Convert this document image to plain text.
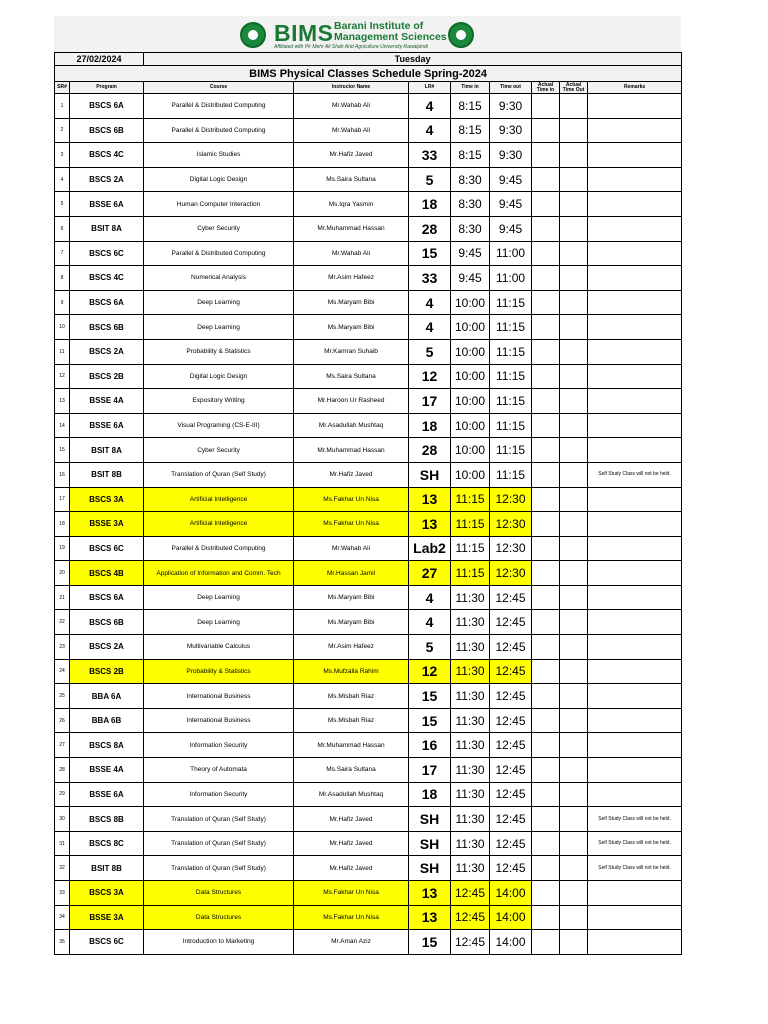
BIMS Barani Institute of
Management Sciences
Affiliated with Pir Mehr Ali Shah Arid Agriculture University Rawalpindi
27/02/2024		Tuesday							
BIMS Physical Classes Schedule Spring-2024									
SR#	Program	Course	Instructor Name	LR#	Time in	Time out	Actual Time in	Actual Time Out	Remarks
1	BSCS 6A	Parallel & Distributed Computing	Mr.Wahab Ali	4	8:15	9:30			
2	BSCS 6B	Parallel & Distributed Computing	Mr.Wahab Ali	4	8:15	9:30			
3	BSCS 4C	Islamic Studies	Mr.Hafiz Javed	33	8:15	9:30			
4	BSCS 2A	Digital Logic Design	Ms.Saira Sultana	5	8:30	9:45			
5	BSSE 6A	Human Computer Interaction	Ms.Iqra Yasmin	18	8:30	9:45			
6	BSIT 8A	Cyber Security	Mr.Muhammad Hassan	28	8:30	9:45			
7	BSCS 6C	Parallel & Distributed Computing	Mr.Wahab Ali	15	9:45	11:00			
8	BSCS 4C	Numerical Analysis	Mr.Asim Hafeez	33	9:45	11:00			
9	BSCS 6A	Deep Learning	Ms.Maryam Bibi	4	10:00	11:15			
10	BSCS 6B	Deep Learning	Ms.Maryam Bibi	4	10:00	11:15			
11	BSCS 2A	Probability & Statistics	Mr.Kamran Suhaib	5	10:00	11:15			
12	BSCS 2B	Digital Logic Design	Ms.Saira Sultana	12	10:00	11:15			
13	BSSE 4A	Expository Writing	Mr.Haroon Ur Rasheed	17	10:00	11:15			
14	BSSE 6A	Visual Programing (CS-E-III)	Mr.Asadullah Mushtaq	18	10:00	11:15			
15	BSIT 8A	Cyber Security	Mr.Muhammad Hassan	28	10:00	11:15			
16	BSIT 8B	Translation of Quran (Self Study)	Mr.Hafiz Javed	SH	10:00	11:15			Self Study Class will not be held.
17	BSCS 3A	Artificial Intelligence	Ms.Fakhar Un Nisa	13	11:15	12:30			
18	BSSE 3A	Artificial Intelligence	Ms.Fakhar Un Nisa	13	11:15	12:30			
19	BSCS 6C	Parallel & Distributed Computing	Mr.Wahab Ali	Lab2	11:15	12:30			
20	BSCS 4B	Application of Information and Comm. Tech	Mr.Hassan Jamil	27	11:15	12:30			
21	BSCS 6A	Deep Learning	Ms.Maryam Bibi	4	11:30	12:45			
22	BSCS 6B	Deep Learning	Ms.Maryam Bibi	4	11:30	12:45			
23	BSCS 2A	Multivariable Calculus	Mr.Asim Hafeez	5	11:30	12:45			
24	BSCS 2B	Probability & Statistics	Ms.Mufzalla Rahim	12	11:30	12:45			
25	BBA 6A	International Business	Ms.Misbah Riaz	15	11:30	12:45			
26	BBA 6B	International Business	Ms.Misbah Riaz	15	11:30	12:45			
27	BSCS 8A	Information Security	Mr.Muhammad Hassan	16	11:30	12:45			
28	BSSE 4A	Theory of Automata	Ms.Saira Sultana	17	11:30	12:45			
29	BSSE 6A	Information Security	Mr.Asadullah Mushtaq	18	11:30	12:45			
30	BSCS 8B	Translation of Quran (Self Study)	Mr.Hafiz Javed	SH	11:30	12:45			Self Study Class will not be held.
31	BSCS 8C	Translation of Quran (Self Study)	Mr.Hafiz Javed	SH	11:30	12:45			Self Study Class will not be held.
32	BSIT 8B	Translation of Quran (Self Study)	Mr.Hafiz Javed	SH	11:30	12:45			Self Study Class will not be held.
33	BSCS 3A	Data Structures	Ms.Fakhar Un Nisa	13	12:45	14:00			
34	BSSE 3A	Data Structures	Ms.Fakhar Un Nisa	13	12:45	14:00			
35	BSCS 6C	Introduction to Marketing	Mr.Aman Aziz	15	12:45	14:00			
